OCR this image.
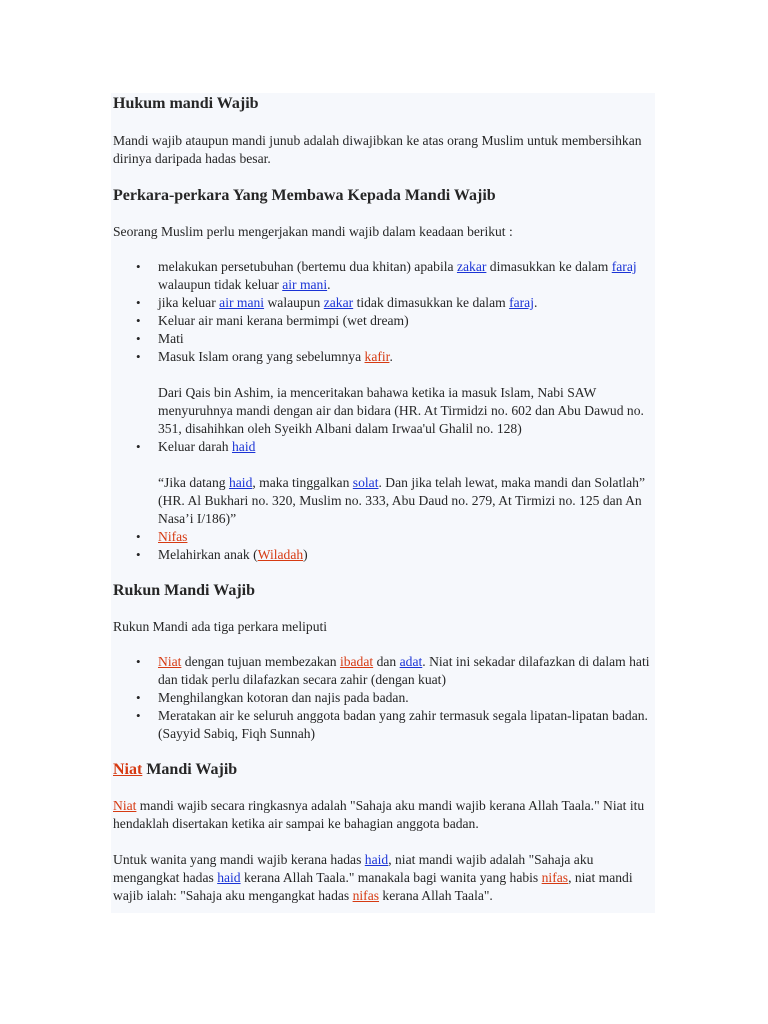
Hukum mandi Wajib

Mandi wajib ataupun mandi junub adalah diwajibkan ke atas orang Muslim untuk membersihkan dirinya daripada hadas besar.

Perkara-perkara Yang Membawa Kepada Mandi Wajib

Seorang Muslim perlu mengerjakan mandi wajib dalam keadaan berikut :

• melakukan persetubuhan (bertemu dua khitan) apabila zakar dimasukkan ke dalam faraj walaupun tidak keluar air mani.
• jika keluar air mani walaupun zakar tidak dimasukkan ke dalam faraj.
• Keluar air mani kerana bermimpi (wet dream)
• Mati
• Masuk Islam orang yang sebelumnya kafir.

Dari Qais bin Ashim, ia menceritakan bahawa ketika ia masuk Islam, Nabi SAW menyuruhnya mandi dengan air dan bidara (HR. At Tirmidzi no. 602 dan Abu Dawud no. 351, disahihkan oleh Syeikh Albani dalam Irwaa'ul Ghalil no. 128)

• Keluar darah haid

“Jika datang haid, maka tinggalkan solat. Dan jika telah lewat, maka mandi dan Solatlah” (HR. Al Bukhari no. 320, Muslim no. 333, Abu Daud no. 279, At Tirmizi no. 125 dan An Nasa’i I/186)”

• Nifas
• Melahirkan anak (Wiladah)
Rukun Mandi Wajib

Rukun Mandi ada tiga perkara meliputi

• Niat dengan tujuan membezakan ibadat dan adat. Niat ini sekadar dilafazkan di dalam hati dan tidak perlu dilafazkan secara zahir (dengan kuat)
• Menghilangkan kotoran dan najis pada badan.
• Meratakan air ke seluruh anggota badan yang zahir termasuk segala lipatan-lipatan badan. (Sayyid Sabiq, Fiqh Sunnah)
Niat Mandi Wajib

Niat mandi wajib secara ringkasnya adalah "Sahaja aku mandi wajib kerana Allah Taala." Niat itu hendaklah disertakan ketika air sampai ke bahagian anggota badan.

Untuk wanita yang mandi wajib kerana hadas haid, niat mandi wajib adalah "Sahaja aku mengangkat hadas haid kerana Allah Taala." manakala bagi wanita yang habis nifas, niat mandi wajib ialah: "Sahaja aku mengangkat hadas nifas kerana Allah Taala".
